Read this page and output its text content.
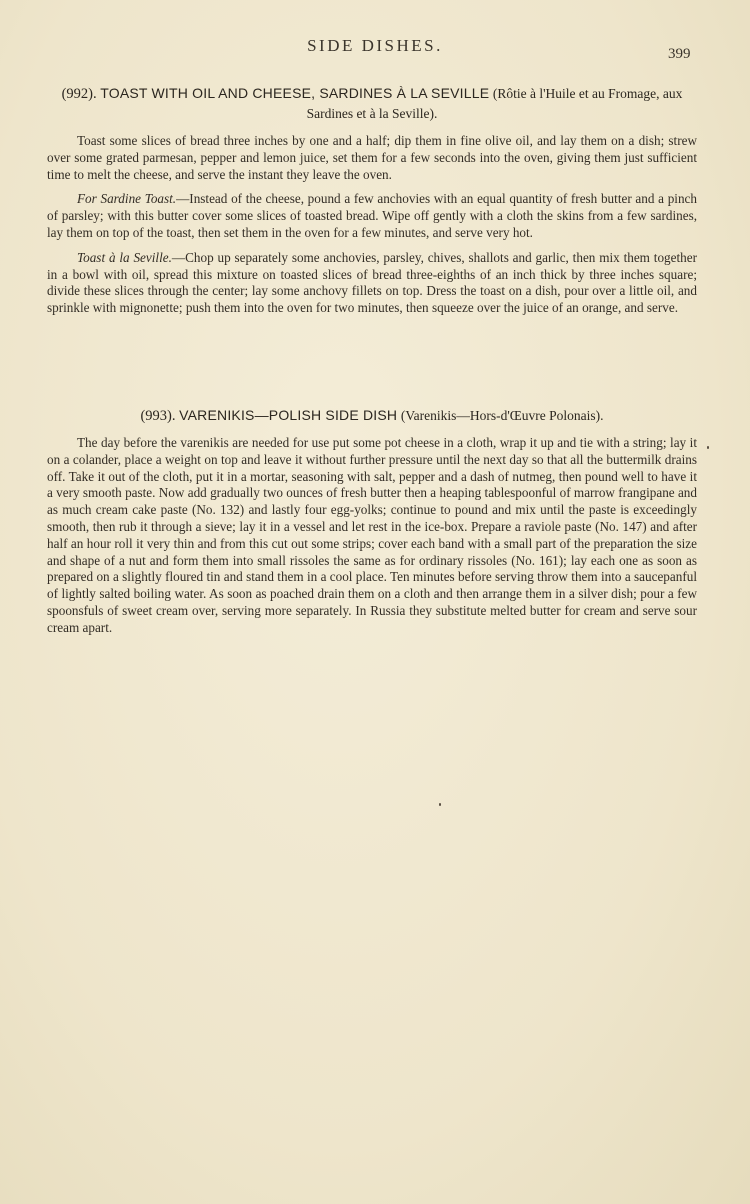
SIDE DISHES.	399
(992). TOAST WITH OIL AND CHEESE, SARDINES À LA SEVILLE (Rôtie à l'Huile et au Fromage, aux Sardines et à la Seville).

Toast some slices of bread three inches by one and a half; dip them in fine olive oil, and lay them on a dish; strew over some grated parmesan, pepper and lemon juice, set them for a few seconds into the oven, giving them just sufficient time to melt the cheese, and serve the instant they leave the oven.

For Sardine Toast.—Instead of the cheese, pound a few anchovies with an equal quantity of fresh butter and a pinch of parsley; with this butter cover some slices of toasted bread. Wipe off gently with a cloth the skins from a few sardines, lay them on top of the toast, then set them in the oven for a few minutes, and serve very hot.

Toast à la Seville.—Chop up separately some anchovies, parsley, chives, shallots and garlic, then mix them together in a bowl with oil, spread this mixture on toasted slices of bread three-eighths of an inch thick by three inches square; divide these slices through the center; lay some anchovy fillets on top. Dress the toast on a dish, pour over a little oil, and sprinkle with mignonette; push them into the oven for two minutes, then squeeze over the juice of an orange, and serve.

(993). VARENIKIS—POLISH SIDE DISH (Varenikis—Hors-d'Œuvre Polonais).

The day before the varenikis are needed for use put some pot cheese in a cloth, wrap it up and tie with a string; lay it on a colander, place a weight on top and leave it without further pressure until the next day so that all the buttermilk drains off. Take it out of the cloth, put it in a mortar, seasoning with salt, pepper and a dash of nutmeg, then pound well to have it a very smooth paste. Now add gradually two ounces of fresh butter then a heaping tablespoonful of marrow frangipane and as much cream cake paste (No. 132) and lastly four egg-yolks; continue to pound and mix until the paste is exceedingly smooth, then rub it through a sieve; lay it in a vessel and let rest in the ice-box. Prepare a raviole paste (No. 147) and after half an hour roll it very thin and from this cut out some strips; cover each band with a small part of the preparation the size and shape of a nut and form them into small rissoles the same as for ordinary rissoles (No. 161); lay each one as soon as prepared on a slightly floured tin and stand them in a cool place. Ten minutes before serving throw them into a saucepanful of lightly salted boiling water. As soon as poached drain them on a cloth and then arrange them in a silver dish; pour a few spoonsfuls of sweet cream over, serving more separately. In Russia they substitute melted butter for cream and serve sour cream apart.
